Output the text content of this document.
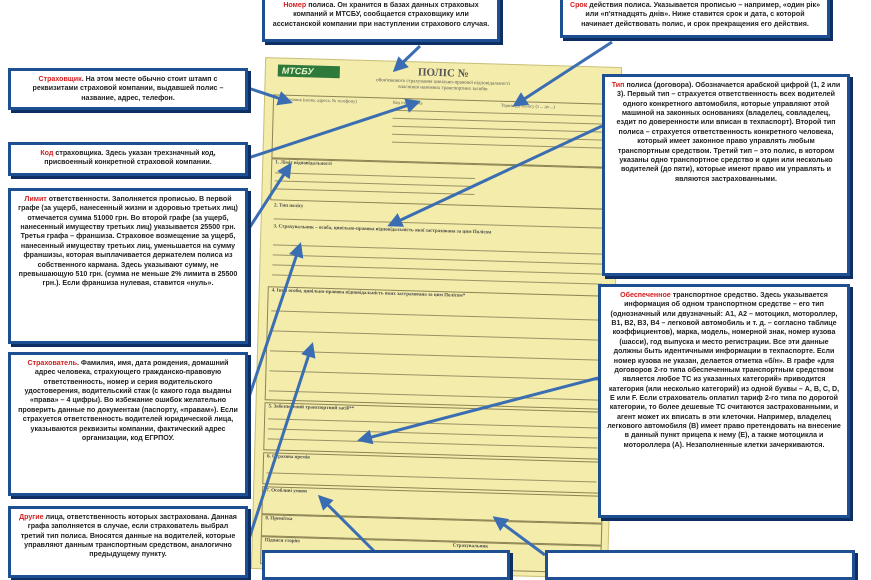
МТСБУ	ПОЛІС №
обов'язкового страхування цивільно-правової відповідальності
власників наземних транспортних засобів
1. Страховик (назва, адреса, № телефону)	Код страховика
Термін дії Полісу (з ... до ...)
1. Ліміт відповідальності
2. Тип полісу
3. Страхувальник – особа, цивільно-правова відповідальність якої застрахована за цим Полісом
4. Інші особи, цивільно-правова відповідальність яких застрахована за цим Полісом*
5. Забезпечений транспортний засіб**
6. Страхова премія
7. Особливі умови
8. Примітка
Підписи сторін:
Страхувальник
Номер полиса. Он хранится в базах данных страховых компаний и МТСБУ, сообщается страховщику или ассистанской компании при наступлении страхового случая.
Срок действия полиса. Указывается прописью – например, «один рік» или «п'ятнадцять днів». Ниже ставится срок и дата, с которой начинает действовать полис, и срок прекращения его действия.
Страховщик. На этом месте обычно стоит штамп с реквизитами страховой компании, выдавшей полис – название, адрес, телефон.
Код страховщика. Здесь указан трехзначный код, присвоенный конкретной страховой компании.
Лимит ответственности. Заполняется прописью. В первой графе (за ущерб, нанесенный жизни и здоровью третьих лиц) отмечается сумма 51000 грн. Во второй графе (за ущерб, нанесенный имуществу третьих лиц) указывается 25500 грн. Третья графа – франшиза. Страховое возмещение за ущерб, нанесенный имуществу третьих лиц, уменьшается на сумму франшизы, которая выплачивается держателем полиса из собственного кармана. Здесь указывают сумму, не превышающую 510 грн. (сумма не меньше 2% лимита в 25500 грн.). Если франшиза нулевая, ставится «нуль».
Страхователь. Фамилия, имя, дата рождения, домашний адрес человека, страхующего гражданско-правовую ответственность, номер и серия водительского удостоверения, водительский стаж (с какого года выданы «права» – 4 цифры). Во избежание ошибок желательно проверить данные по документам (паспорту, «правам»). Если страхуется ответственность водителей юридической лица, указываются реквизиты компании, фактический адрес организации, код ЕГРПОУ.
Другие лица, ответственность которых застрахована. Данная графа заполняется в случае, если страхователь выбрал третий тип полиса. Вносятся данные на водителей, которые управляют данным транспортным средством, аналогично предыдущему пункту.
Тип полиса (договора). Обозначается арабской цифрой (1, 2 или 3). Первый тип – страхуется ответственность всех водителей одного конкретного автомобиля, которые управляют этой машиной на законных основаниях (владелец, совладелец, ездит по доверенности или вписан в техпаспорт). Второй тип полиса – страхуется ответственность конкретного человека, который имеет законное право управлять любым транспортным средством. Третий тип – это полис, в котором указаны одно транспортное средство и один или несколько водителей (до пяти), которые имеют право им управлять и являются застрахованными.
Обеспеченное транспортное средство. Здесь указывается информация об одном транспортном средстве – его тип (однозначный или двузначный: А1, А2 – мотоцикл, мотороллер, В1, В2, В3, В4 – легковой автомобиль и т. д. – согласно таблице коэффициентов), марка, модель, номерной знак, номер кузова (шасси), год выпуска и место регистрации. Все эти данные должны быть идентичными информации в техпаспорте. Если номер кузова не указан, делается отметка «б/н». В графе «для договоров 2-го типа обеспеченным транспортным средством является любое ТС из указанных категорий» приводится категория (или несколько категорий) из одной буквы – А, В, С, D, Е или F. Если страхователь оплатил тариф 2-го типа по дорогой категории, то более дешевые ТС считаются застрахованными, и агент может их вписать в эти клеточки. Например, владелец легкового автомобиля (В) имеет право претендовать на внесение в данный пункт прицепа к нему (Е), а также мотоцикла и мотороллера (А). Незаполненные клетки зачеркиваются.
